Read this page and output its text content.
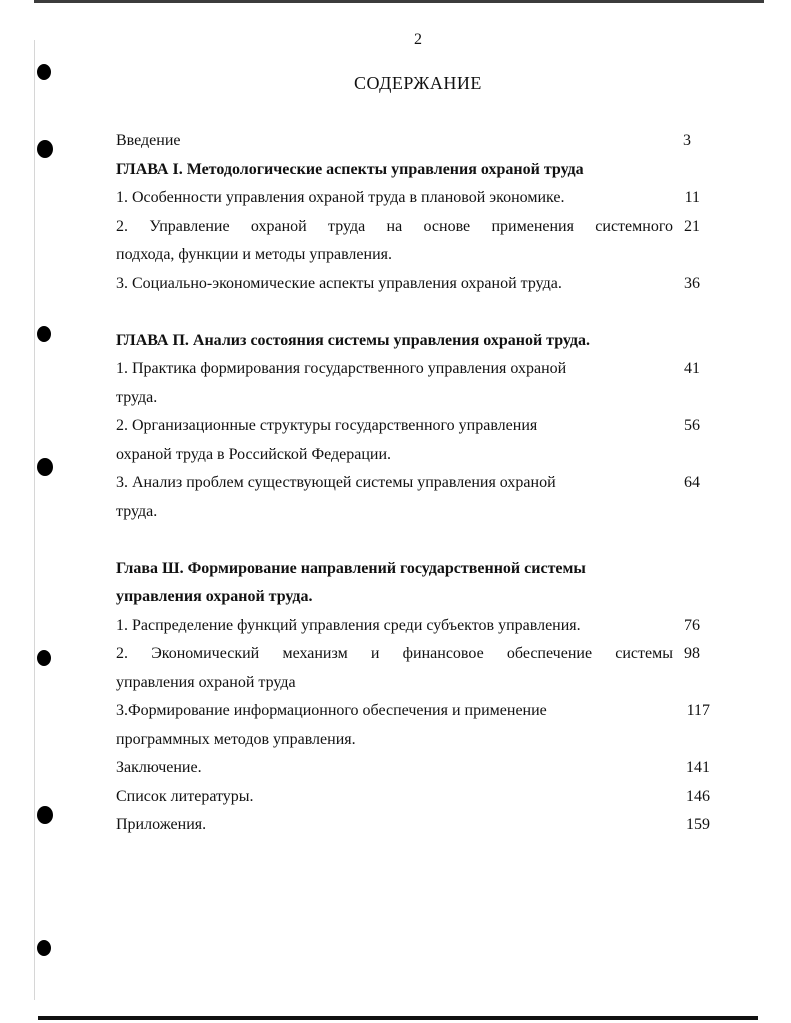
2
СОДЕРЖАНИЕ
Введение	3
ГЛАВА I. Методологические аспекты управления охраной труда
1. Особенности управления охраной труда в плановой экономике.	11
2. Управление охраной труда на основе применения системного 21
подхода, функции и методы управления.
3. Социально-экономические аспекты управления охраной труда.	36
ГЛАВА П. Анализ состояния системы управления охраной труда.
1. Практика формирования государственного управления охраной	41
труда.
2. Организационные структуры государственного управления	56
охраной труда в Российской Федерации.
3. Анализ проблем существующей системы управления охраной	64
труда.
Глава Ш. Формирование направлений государственной системы
управления охраной труда.
1. Распределение функций управления среди субъектов управления.	76
2. Экономический механизм и финансовое обеспечение системы 98
управления охраной труда
3.Формирование информационного обеспечения и применение	117
программных методов управления.
Заключение.	141
Список литературы.	146
Приложения.	159
